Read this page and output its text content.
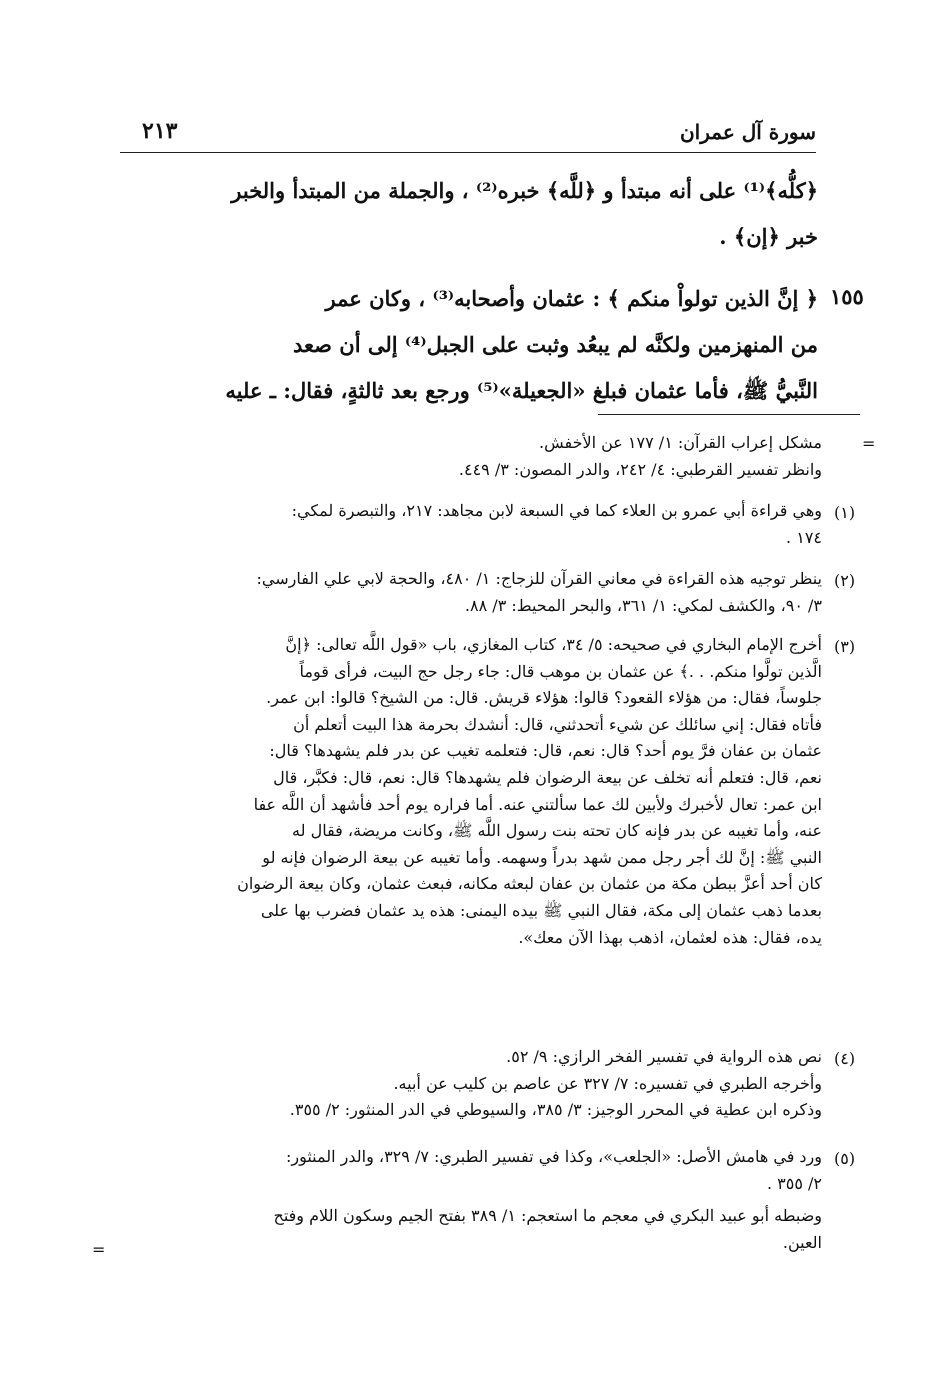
سورة آل عمران
٢١٣

﴿كلُّه﴾⁽¹⁾ على أنه مبتدأ و ﴿للَّه﴾ خبره⁽²⁾ ، والجملة من المبتدأ والخبر

خبر ﴿إن﴾ .

١٥٥

﴿ إنَّ الذين تولواْ منكم ﴾ : عثمان وأصحابه⁽³⁾ ، وكان عمر

من المنهزمين ولكنَّه لم يبعُد وثبت على الجبل⁽⁴⁾ إلى أن صعد

النَّبيُّ ﷺ، فأما عثمان فبلغ «الجعيلة»⁽⁵⁾ ورجع بعد ثالثةٍ، فقال: ـ عليه

=

مشكل إعراب القرآن: ١/ ١٧٧ عن الأخفش.

وانظر تفسير القرطبي: ٤/ ٢٤٢، والدر المصون: ٣/ ٤٤٩.

(١)

وهي قراءة أبي عمرو بن العلاء كما في السبعة لابن مجاهد: ٢١٧، والتبصرة لمكي:

١٧٤ .

(٢)

ينظر توجيه هذه القراءة في معاني القرآن للزجاج: ١/ ٤٨٠، والحجة لابي علي الفارسي:

٣/ ٩٠، والكشف لمكي: ١/ ٣٦١، والبحر المحيط: ٣/ ٨٨.

(٣)

أخرج الإمام البخاري في صحيحه: ٥/ ٣٤، كتاب المغازي، باب «قول اللَّه تعالى: ﴿إنَّ

الَّذين تولَّوا منكم. . .﴾ عن عثمان بن موهب قال: جاء رجل حج البيت، فرأى قوماً

جلوساً، فقال: من هؤلاء القعود؟ قالوا: هؤلاء قريش. قال: من الشيخ؟ قالوا: ابن عمر.

فأتاه فقال: إني سائلك عن شيء أتحدثني، قال: أنشدك بحرمة هذا البيت أتعلم أن

عثمان بن عفان فرَّ يوم أحد؟ قال: نعم، قال: فتعلمه تغيب عن بدر فلم يشهدها؟ قال:

نعم، قال: فتعلم أنه تخلف عن بيعة الرضوان فلم يشهدها؟ قال: نعم، قال: فكبَّر، قال

ابن عمر: تعال لأخبرك ولأبين لك عما سألتني عنه. أما فراره يوم أحد فأشهد أن اللَّه عفا

عنه، وأما تغيبه عن بدر فإنه كان تحته بنت رسول اللَّه ﷺ، وكانت مريضة، فقال له

النبي ﷺ: إنَّ لك أجر رجل ممن شهد بدراً وسهمه. وأما تغيبه عن بيعة الرضوان فإنه لو

كان أحد أعزَّ ببطن مكة من عثمان بن عفان لبعثه مكانه، فبعث عثمان، وكان بيعة الرضوان

بعدما ذهب عثمان إلى مكة، فقال النبي ﷺ بيده اليمنى: هذه يد عثمان فضرب بها على

يده، فقال: هذه لعثمان، اذهب بهذا الآن معك».

(٤)

نص هذه الرواية في تفسير الفخر الرازي: ٩/ ٥٢.

وأخرجه الطبري في تفسيره: ٧/ ٣٢٧ عن عاصم بن كليب عن أبيه.

وذكره ابن عطية في المحرر الوجيز: ٣/ ٣٨٥، والسيوطي في الدر المنثور: ٢/ ٣٥٥.

(٥)

ورد في هامش الأصل: «الجلعب»، وكذا في تفسير الطبري: ٧/ ٣٢٩، والدر المنثور:

٢/ ٣٥٥ .

وضبطه أبو عبيد البكري في معجم ما استعجم: ١/ ٣٨٩ بفتح الجيم وسكون اللام وفتح

العين.

=
